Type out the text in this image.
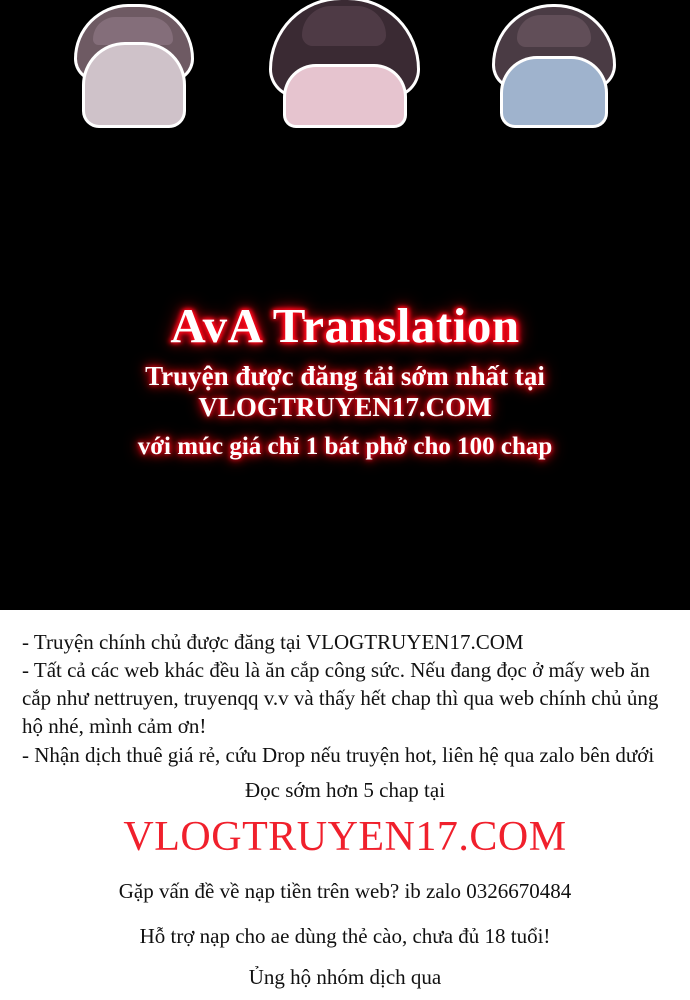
AvA Translation
Truyện được đăng tải sớm nhất tại VLOGTRUYEN17.COM
với múc giá chỉ 1 bát phở cho 100 chap

- Truyện chính chủ được đăng tại VLOGTRUYEN17.COM

- Tất cả các web khác đều là ăn cắp công sức. Nếu đang đọc ở mấy web ăn cắp như nettruyen, truyenqq v.v và thấy hết chap thì qua web chính chủ ủng hộ nhé, mình cảm ơn!

- Nhận dịch thuê giá rẻ, cứu Drop nếu truyện hot, liên hệ qua zalo bên dưới

Đọc sớm hơn 5 chap tại
VLOGTRUYEN17.COM
Gặp vấn đề về nạp tiền trên web? ib zalo 0326670484
Hỗ trợ nạp cho ae dùng thẻ cào, chưa đủ 18 tuổi!
Ủng hộ nhóm dịch qua
